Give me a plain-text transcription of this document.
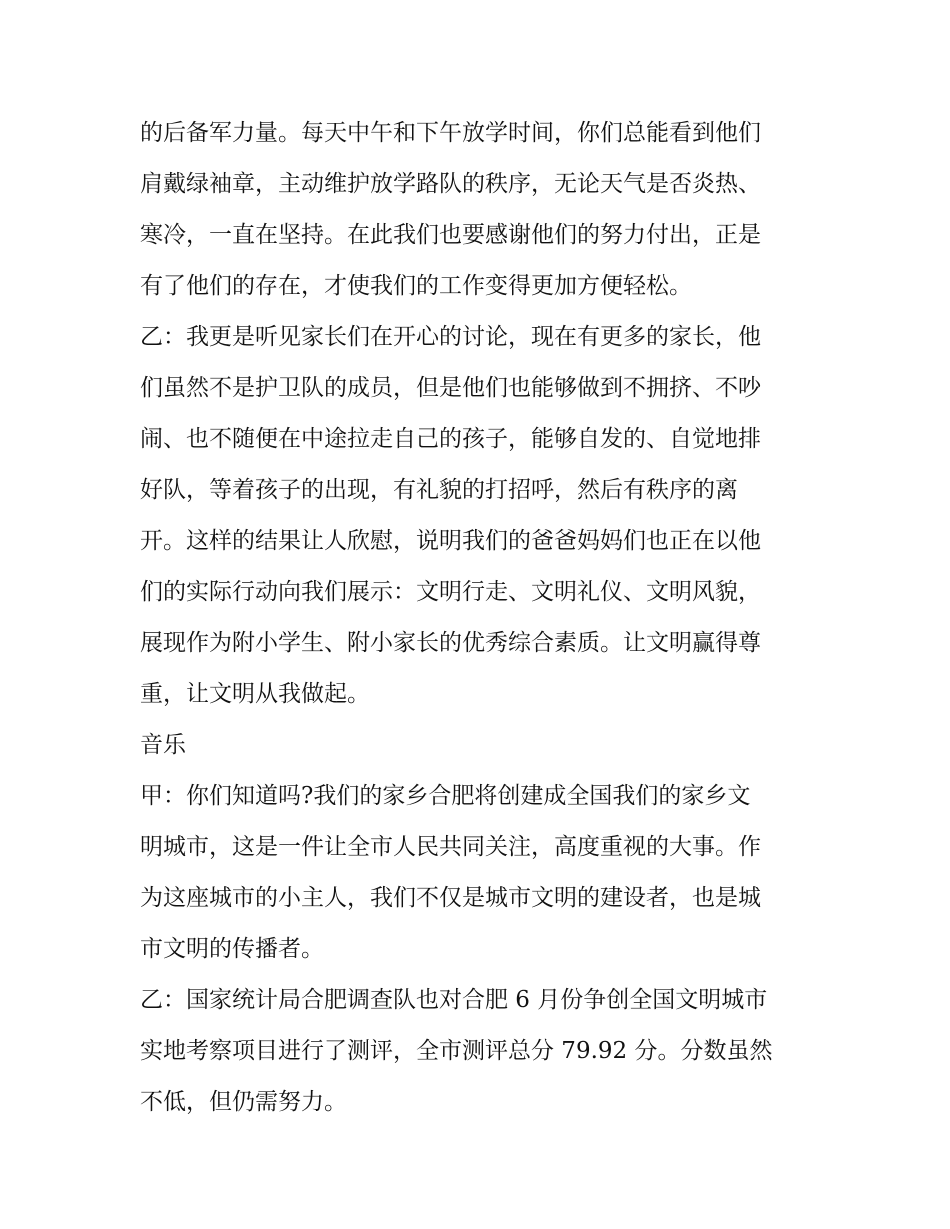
的后备军力量。每天中午和下午放学时间，你们总能看到他们
肩戴绿袖章，主动维护放学路队的秩序，无论天气是否炎热、
寒冷，一直在坚持。在此我们也要感谢他们的努力付出，正是
有了他们的存在，才使我们的工作变得更加方便轻松。
乙：我更是听见家长们在开心的讨论，现在有更多的家长，他
们虽然不是护卫队的成员，但是他们也能够做到不拥挤、不吵
闹、也不随便在中途拉走自己的孩子，能够自发的、自觉地排
好队，等着孩子的出现，有礼貌的打招呼，然后有秩序的离
开。这样的结果让人欣慰，说明我们的爸爸妈妈们也正在以他
们的实际行动向我们展示：文明行走、文明礼仪、文明风貌，
展现作为附小学生、附小家长的优秀综合素质。让文明赢得尊
重，让文明从我做起。
音乐
甲：你们知道吗?我们的家乡合肥将创建成全国我们的家乡文
明城市，这是一件让全市人民共同关注，高度重视的大事。作
为这座城市的小主人，我们不仅是城市文明的建设者，也是城
市文明的传播者。
乙：国家统计局合肥调查队也对合肥 6 月份争创全国文明城市
实地考察项目进行了测评，全市测评总分 79.92 分。分数虽然
不低，但仍需努力。
